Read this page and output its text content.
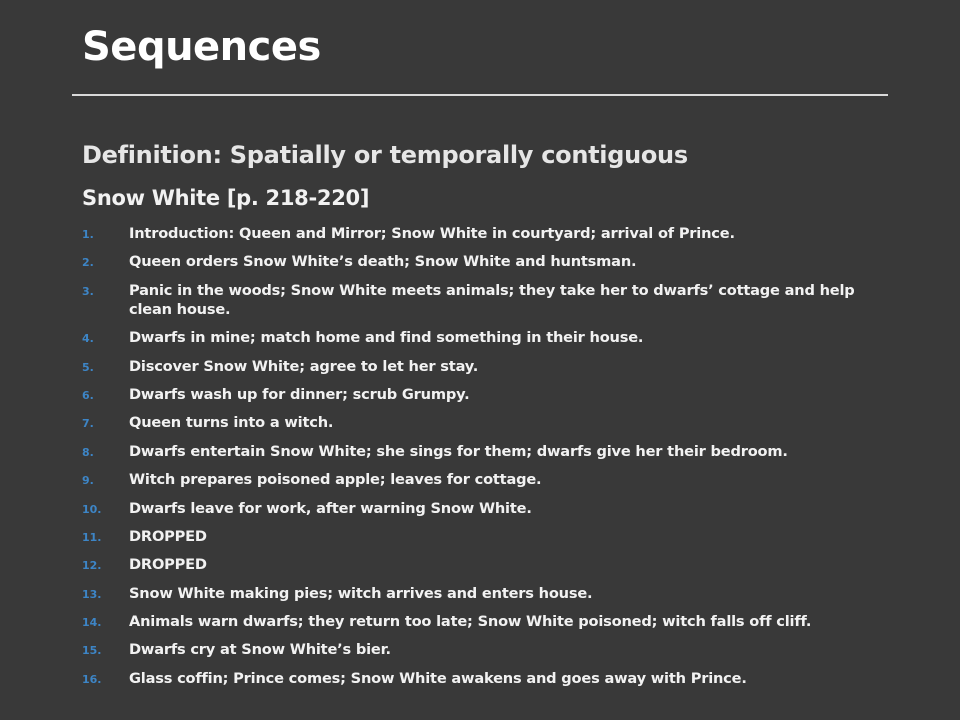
Sequences
Definition: Spatially or temporally contiguous
Snow White [p. 218-220]
1.	Introduction: Queen and Mirror; Snow White in courtyard; arrival of Prince.
2.	Queen orders Snow White’s death; Snow White and huntsman.
3.	Panic in the woods; Snow White meets animals; they take her to dwarfs’ cottage and help clean house.
4.	Dwarfs in mine; match home and find something in their house.
5.	Discover Snow White; agree to let her stay.
6.	Dwarfs wash up for dinner; scrub Grumpy.
7.	Queen turns into a witch.
8.	Dwarfs entertain Snow White; she sings for them; dwarfs give her their bedroom.
9.	Witch prepares poisoned apple; leaves for cottage.
10.	Dwarfs leave for work, after warning Snow White.
11.	DROPPED
12.	DROPPED
13.	Snow White making pies; witch arrives and enters house.
14.	Animals warn dwarfs; they return too late; Snow White poisoned; witch falls off cliff.
15.	Dwarfs cry at Snow White’s bier.
16.	Glass coffin; Prince comes; Snow White awakens and goes away with Prince.
